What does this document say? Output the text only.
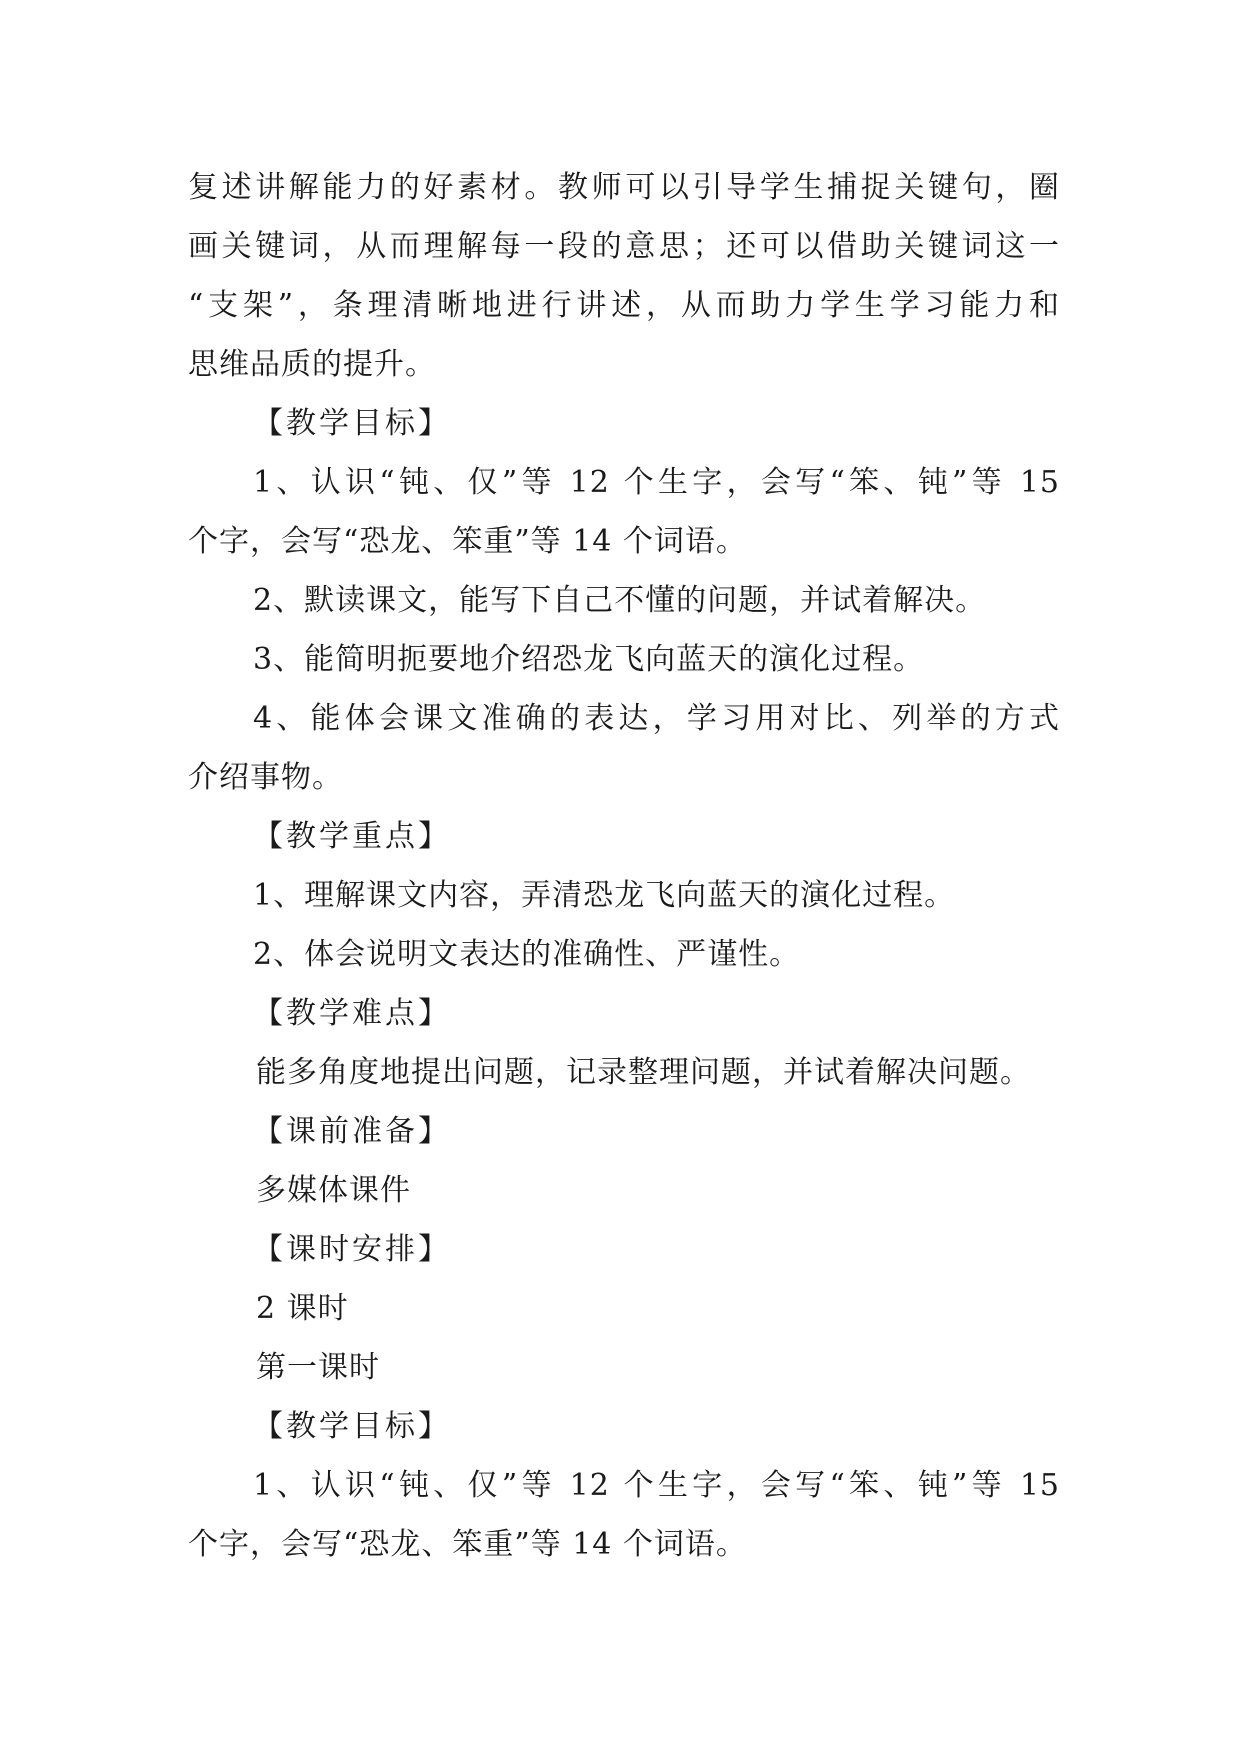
复述讲解能力的好素材。教师可以引导学生捕捉关键句，圈
画关键词，从而理解每一段的意思；还可以借助关键词这一
“支架”，条理清晰地进行讲述，从而助力学生学习能力和
思维品质的提升。
【教学目标】
1、认识“钝、仅”等 12 个生字，会写“笨、钝”等 15
个字，会写“恐龙、笨重”等 14 个词语。
2、默读课文，能写下自己不懂的问题，并试着解决。
3、能简明扼要地介绍恐龙飞向蓝天的演化过程。
4、能体会课文准确的表达，学习用对比、列举的方式
介绍事物。
【教学重点】
1、理解课文内容，弄清恐龙飞向蓝天的演化过程。
2、体会说明文表达的准确性、严谨性。
【教学难点】
能多角度地提出问题，记录整理问题，并试着解决问题。
【课前准备】
多媒体课件
【课时安排】
2 课时
第一课时
【教学目标】
1、认识“钝、仅”等 12 个生字，会写“笨、钝”等 15
个字，会写“恐龙、笨重”等 14 个词语。
